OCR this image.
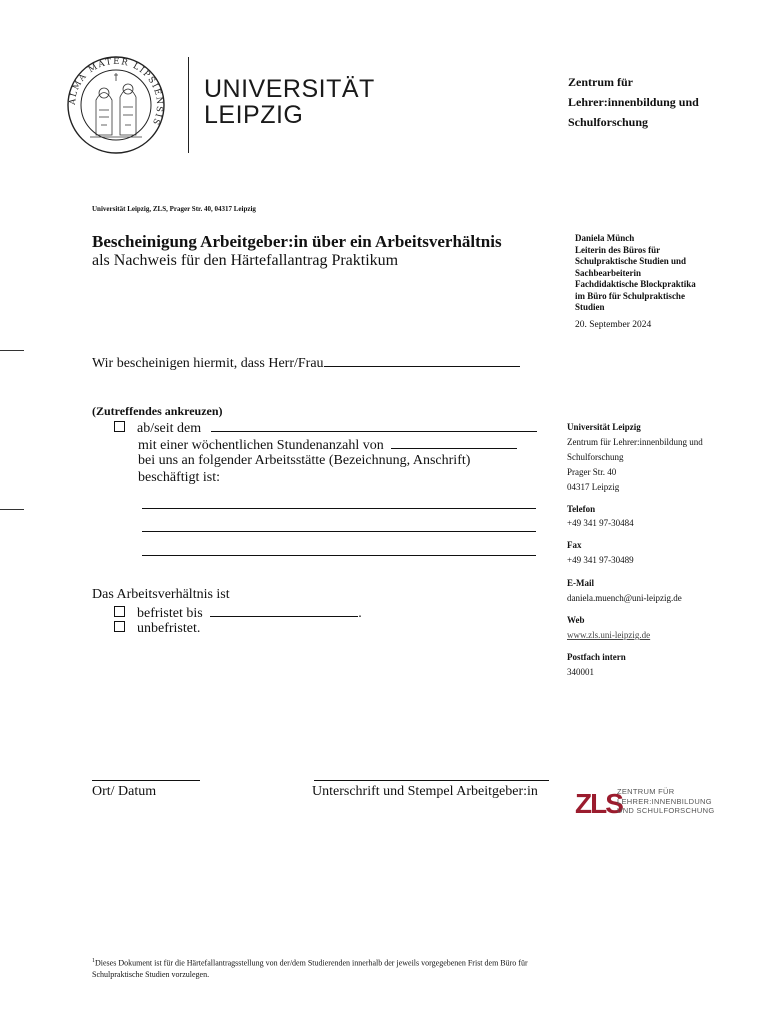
ALMA MATER LIPSIENSIS
UNIVERSITÄT
LEIPZIG
Zentrum für
Lehrer:innenbildung und
Schulforschung
Universität Leipzig, ZLS, Prager Str. 40, 04317 Leipzig
Bescheinigung Arbeitgeber:in über ein Arbeitsverhältnis
als Nachweis für den Härtefallantrag Praktikum
Daniela Münch
Leiterin des Büros für
Schulpraktische Studien und
Sachbearbeiterin
Fachdidaktische Blockpraktika
im Büro für Schulpraktische
Studien
20. September 2024
Wir bescheinigen hiermit, dass Herr/Frau
(Zutreffendes ankreuzen)
ab/seit dem
mit einer wöchentlichen Stundenanzahl von
bei uns an folgender Arbeitsstätte (Bezeichnung, Anschrift)
beschäftigt ist:
Das Arbeitsverhältnis ist
befristet bis	.
unbefristet.
Ort/ Datum	Unterschrift und Stempel Arbeitgeber:in
Universität Leipzig
Zentrum für Lehrer:innenbildung und
Schulforschung
Prager Str. 40
04317 Leipzig
Telefon
+49 341 97-30484
Fax
+49 341 97-30489
E-Mail
daniela.muench@uni-leipzig.de
Web
www.zls.uni-leipzig.de
Postfach intern
340001
ZLS
ZENTRUM FÜR
LEHRER:INNENBILDUNG
UND SCHULFORSCHUNG
$^1$Dieses Dokument ist für die Härtefallantragsstellung von der/dem Studierenden innerhalb der jeweils vorgegebenen Frist dem Büro für Schulpraktische Studien vorzulegen.
